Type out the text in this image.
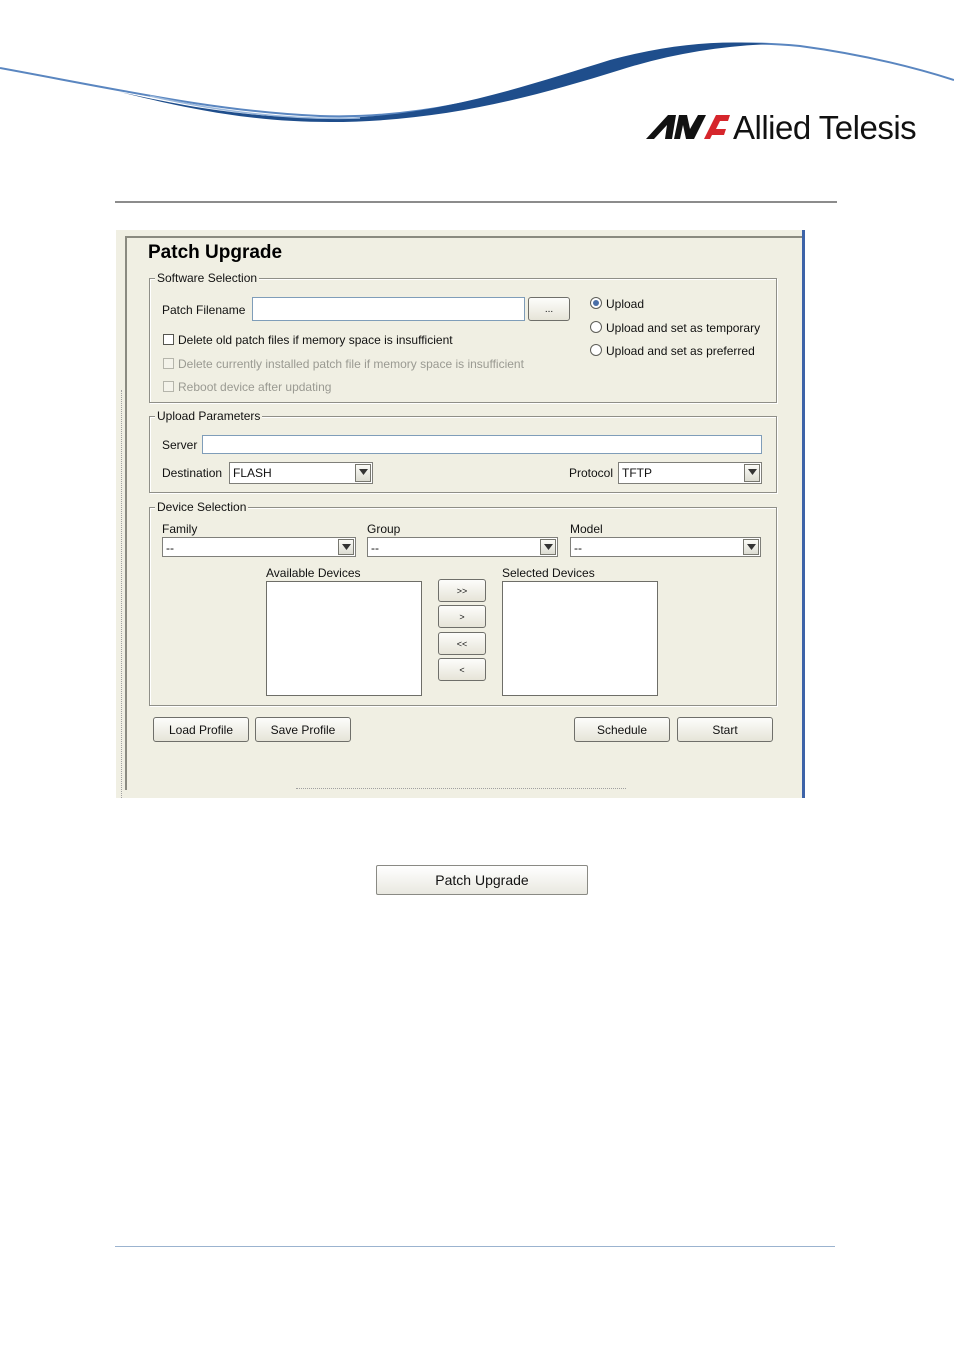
Allied Telesis
Patch Upgrade
Software Selection
Patch Filename	...
Delete old patch files if memory space is insufficient
Delete currently installed patch file if memory space is insufficient
Reboot device after updating
Upload
Upload and set as temporary
Upload and set as preferred
Upload Parameters
Server
Destination FLASH	Protocol TFTP
Device Selection
Family
--
Group
--
Model
--
Available Devices
>>
>
<<
<
Selected Devices
Load Profile	Save Profile	Schedule	Start
Patch Upgrade
